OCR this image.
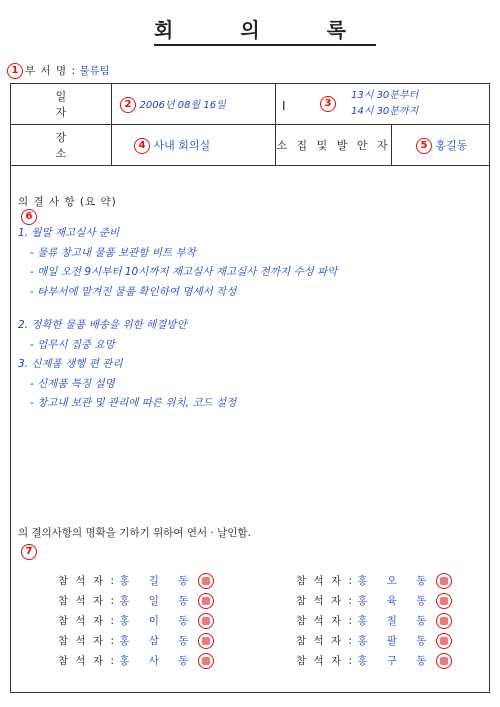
회 의 록
1 부 서 명 : 물류팀
일 자	2 2006년 08월 16일	I 3
13시 30분부터
14시 30분까지	

장 소	4 사내 회의실	소 집 및 발 안 자	5 홍길동
의 결 사 항 (요 약)
6
1. 월말 재고실사 준비
- 물류 창고내 물품 보관함 비트 부착
- 매일 오전 9시부터 10시까지 재고실사 재고실사 전까지 수성 파악
- 타부서에 맡겨진 물품 확인하여 명세서 작성
2. 정확한 물품 배송을 위한 해결방안
- 업무시 집중 요망
3. 신제품 생행 편 관리
- 신제품 특징 설명
- 창고내 보관 및 관리에 따른 위치, 코드 설정
의 결의사항의 명확을 기하기 위하여 연서 · 날인함.
7
참 석 자 : 홍 길 동
참 석 자 : 홍 일 동
참 석 자 : 홍 이 동
참 석 자 : 홍 삼 동
참 석 자 : 홍 사 동
참 석 자 : 홍 오 동
참 석 자 : 홍 육 동
참 석 자 : 홍 칠 동
참 석 자 : 홍 팔 동
참 석 자 : 홍 구 동
